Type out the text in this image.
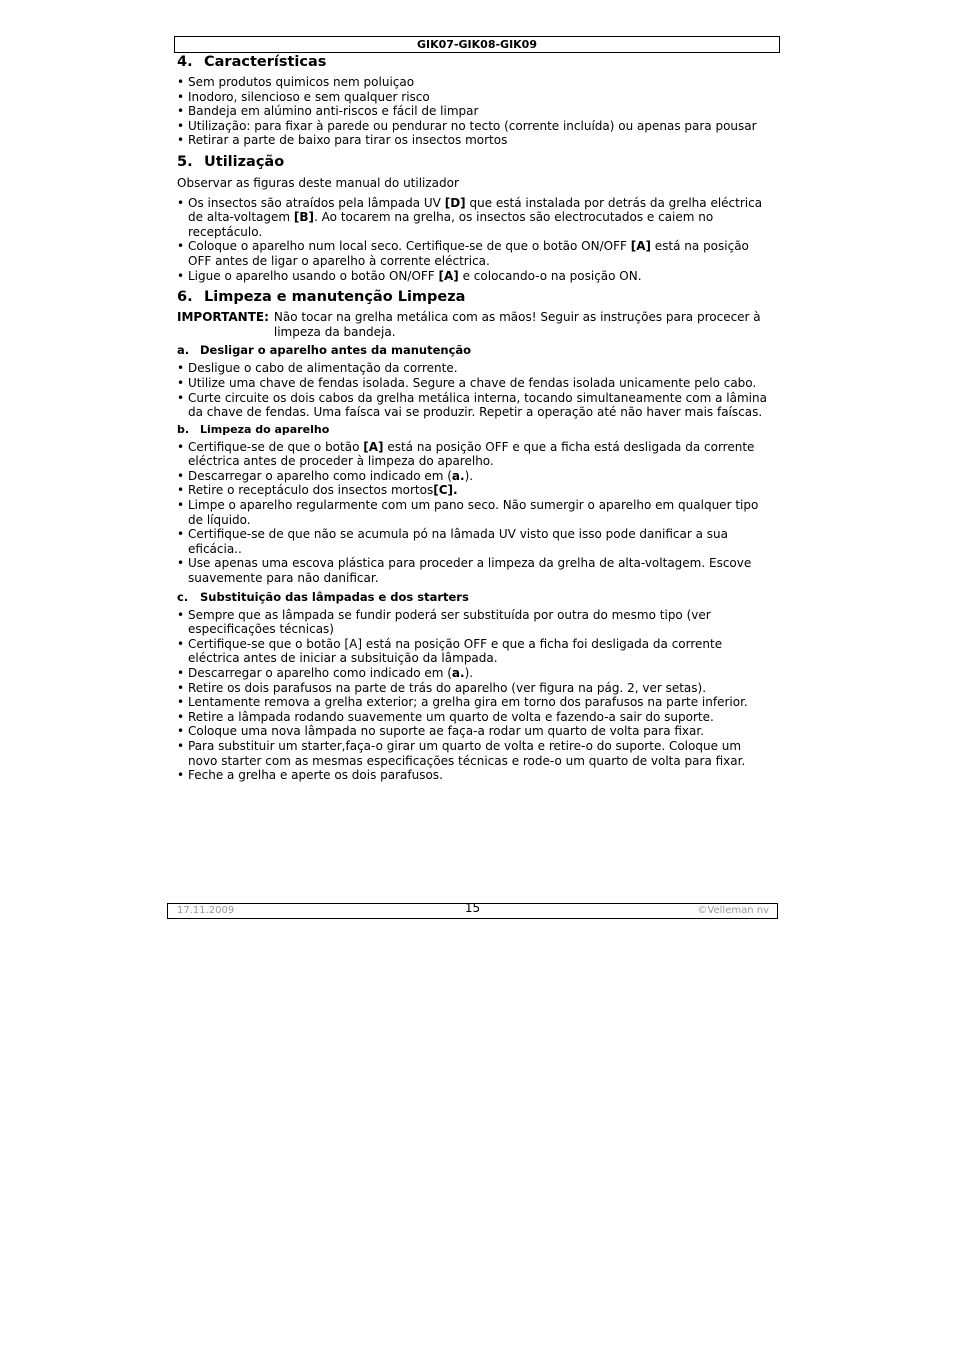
GIK07-GIK08-GIK09
4. Características
• Sem produtos quimicos nem poluiçao
• Inodoro, silencioso e sem qualquer risco
• Bandeja em alúmino anti-riscos e fácil de limpar
• Utilização: para fixar à parede ou pendurar no tecto (corrente incluída) ou apenas para pousar
• Retirar a parte de baixo para tirar os insectos mortos
5. Utilização

Observar as figuras deste manual do utilizador

• Os insectos são atraídos pela lâmpada UV [D] que está instalada por detrás da grelha eléctrica de alta-voltagem [B]. Ao tocarem na grelha, os insectos são electrocutados e caiem no receptáculo.
• Coloque o aparelho num local seco. Certifique-se de que o botão ON/OFF [A] está na posição OFF antes de ligar o aparelho à corrente eléctrica.
• Ligue o aparelho usando o botão ON/OFF [A] e colocando-o na posição ON.
6. Limpeza e manutenção Limpeza
IMPORTANTE: Não tocar na grelha metálica com as mãos! Seguir as instruções para procecer à limpeza da bandeja.
a. Desligar o aparelho antes da manutenção
• Desligue o cabo de alimentação da corrente.
• Utilize uma chave de fendas isolada. Segure a chave de fendas isolada unicamente pelo cabo.
• Curte circuite os dois cabos da grelha metálica interna, tocando simultaneamente com a lâmina da chave de fendas. Uma faísca vai se produzir. Repetir a operação até não haver mais faíscas.
b. Limpeza do aparelho
• Certifique-se de que o botão [A] está na posição OFF e que a ficha está desligada da corrente eléctrica antes de proceder à limpeza do aparelho.
• Descarregar o aparelho como indicado em (a.).
• Retire o receptáculo dos insectos mortos[C].
• Limpe o aparelho regularmente com um pano seco. Não sumergir o aparelho em qualquer tipo de líquido.
• Certifique-se de que não se acumula pó na lâmada UV visto que isso pode danificar a sua eficácia..
• Use apenas uma escova plástica para proceder a limpeza da grelha de alta-voltagem. Escove suavemente para não danificar.
c. Substituição das lâmpadas e dos starters
• Sempre que as lâmpada se fundir poderá ser substituída por outra do mesmo tipo (ver especificações técnicas)
• Certifique-se que o botão [A] está na posição OFF e que a ficha foi desligada da corrente eléctrica antes de iniciar a subsituição da lâmpada.
• Descarregar o aparelho como indicado em (a.).
• Retire os dois parafusos na parte de trás do aparelho (ver figura na pág. 2, ver setas).
• Lentamente remova a grelha exterior; a grelha gira em torno dos parafusos na parte inferior.
• Retire a lâmpada rodando suavemente um quarto de volta e fazendo-a sair do suporte.
• Coloque uma nova lâmpada no suporte ae faça-a rodar um quarto de volta para fixar.
• Para substituir um starter,faça-o girar um quarto de volta e retire-o do suporte. Coloque um novo starter com as mesmas especificações técnicas e rode-o um quarto de volta para fixar.
• Feche a grelha e aperte os dois parafusos.
17.11.2009	15	©Velleman nv
